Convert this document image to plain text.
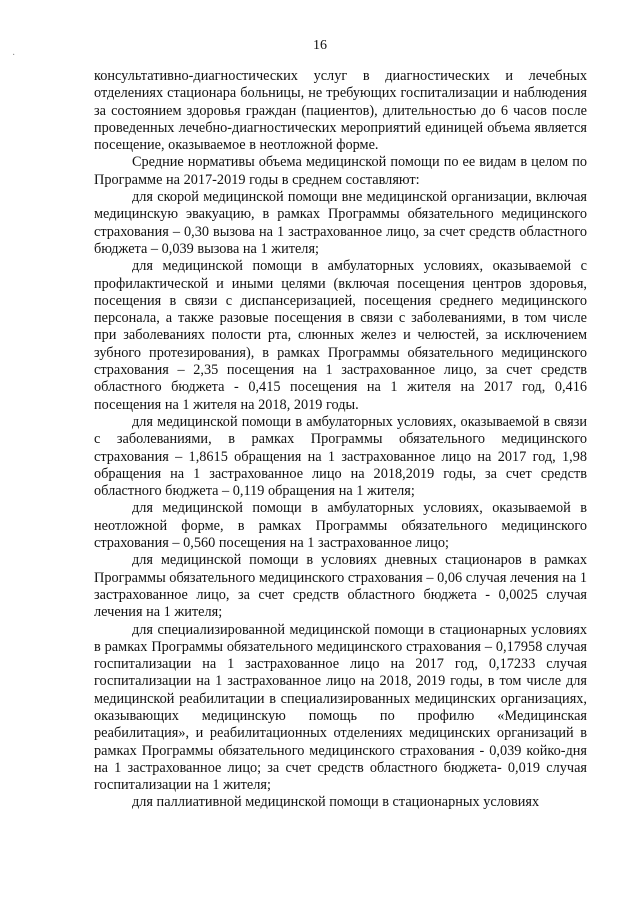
·
16

консультативно-диагностических услуг в диагностических и лечебных отделениях стационара больницы, не требующих госпитализации и наблюдения за состоянием здоровья граждан (пациентов), длительностью до 6 часов после проведенных лечебно-диагностических мероприятий единицей объема является посещение, оказываемое в неотложной форме.

Средние нормативы объема медицинской помощи по ее видам в целом по Программе на 2017-2019 годы в среднем составляют:

для скорой медицинской помощи вне медицинской организации, включая медицинскую эвакуацию, в рамках Программы обязательного медицинского страхования – 0,30 вызова на 1 застрахованное лицо, за счет средств областного бюджета – 0,039 вызова на 1 жителя;

для медицинской помощи в амбулаторных условиях, оказываемой с профилактической и иными целями (включая посещения центров здоровья, посещения в связи с диспансеризацией, посещения среднего медицинского персонала, а также разовые посещения в связи с заболеваниями, в том числе при заболеваниях полости рта, слюнных желез и челюстей, за исключением зубного протезирования), в рамках Программы обязательного медицинского страхования – 2,35 посещения на 1 застрахованное лицо, за счет средств областного бюджета - 0,415 посещения на 1 жителя на 2017 год, 0,416 посещения на 1 жителя на 2018, 2019 годы.

для медицинской помощи в амбулаторных условиях, оказываемой в связи с заболеваниями, в рамках Программы обязательного медицинского страхования – 1,8615 обращения на 1 застрахованное лицо на 2017 год, 1,98 обращения на 1 застрахованное лицо на 2018,2019 годы, за счет средств областного бюджета – 0,119 обращения на 1 жителя;

для медицинской помощи в амбулаторных условиях, оказываемой в неотложной форме, в рамках Программы обязательного медицинского страхования – 0,560 посещения на 1 застрахованное лицо;

для медицинской помощи в условиях дневных стационаров в рамках Программы обязательного медицинского страхования – 0,06 случая лечения на 1 застрахованное лицо, за счет средств областного бюджета - 0,0025 случая лечения на 1 жителя;

для специализированной медицинской помощи в стационарных условиях в рамках Программы обязательного медицинского страхования – 0,17958 случая госпитализации на 1 застрахованное лицо на 2017 год, 0,17233 случая госпитализации на 1 застрахованное лицо на 2018, 2019 годы, в том числе для медицинской реабилитации в специализированных медицинских организациях, оказывающих медицинскую помощь по профилю «Медицинская реабилитация», и реабилитационных отделениях медицинских организаций в рамках Программы обязательного медицинского страхования - 0,039 койко-дня на 1 застрахованное лицо; за счет средств областного бюджета- 0,019 случая госпитализации на 1 жителя;

для паллиативной медицинской помощи в стационарных условиях
